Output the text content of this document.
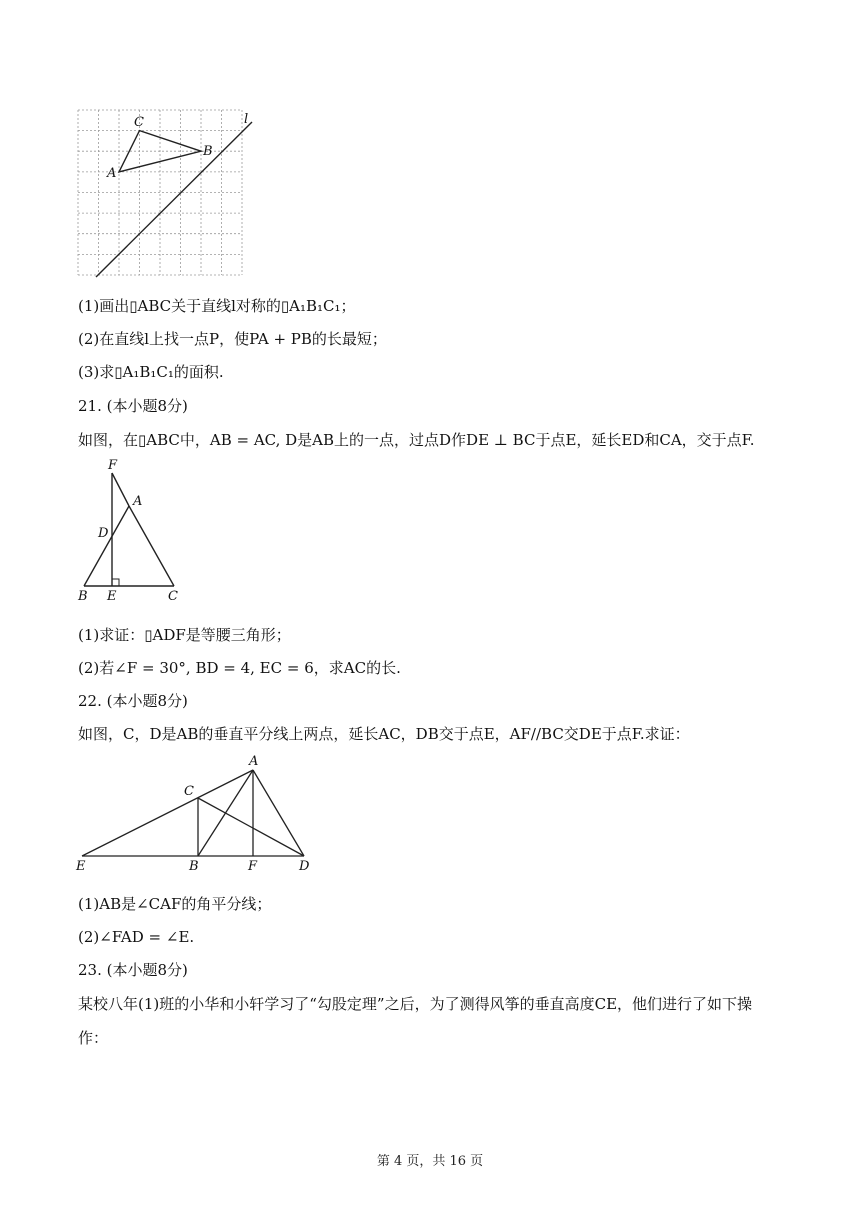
C
B
A
l
(1)画出▯ABC关于直线l对称的▯A₁B₁C₁；
(2)在直线l上找一点P，使PA + PB的长最短；
(3)求▯A₁B₁C₁的面积.
21. (本小题8分)
如图，在▯ABC中，AB = AC, D是AB上的一点，过点D作DE ⊥ BC于点E，延长ED和CA，交于点F.
F
A
D
B E	C
(1)求证：▯ADF是等腰三角形；
(2)若∠F = 30°, BD = 4, EC = 6，求AC的长.
22. (本小题8分)
如图，C，D是AB的垂直平分线上两点，延长AC，DB交于点E，AF//BC交DE于点F.求证：
A
C
E	B	F	D
(1)AB是∠CAF的角平分线；
(2)∠FAD = ∠E.
23. (本小题8分)
某校八年(1)班的小华和小轩学习了“勾股定理”之后，为了测得风筝的垂直高度CE，他们进行了如下操作：
第 4 页，共 16 页
